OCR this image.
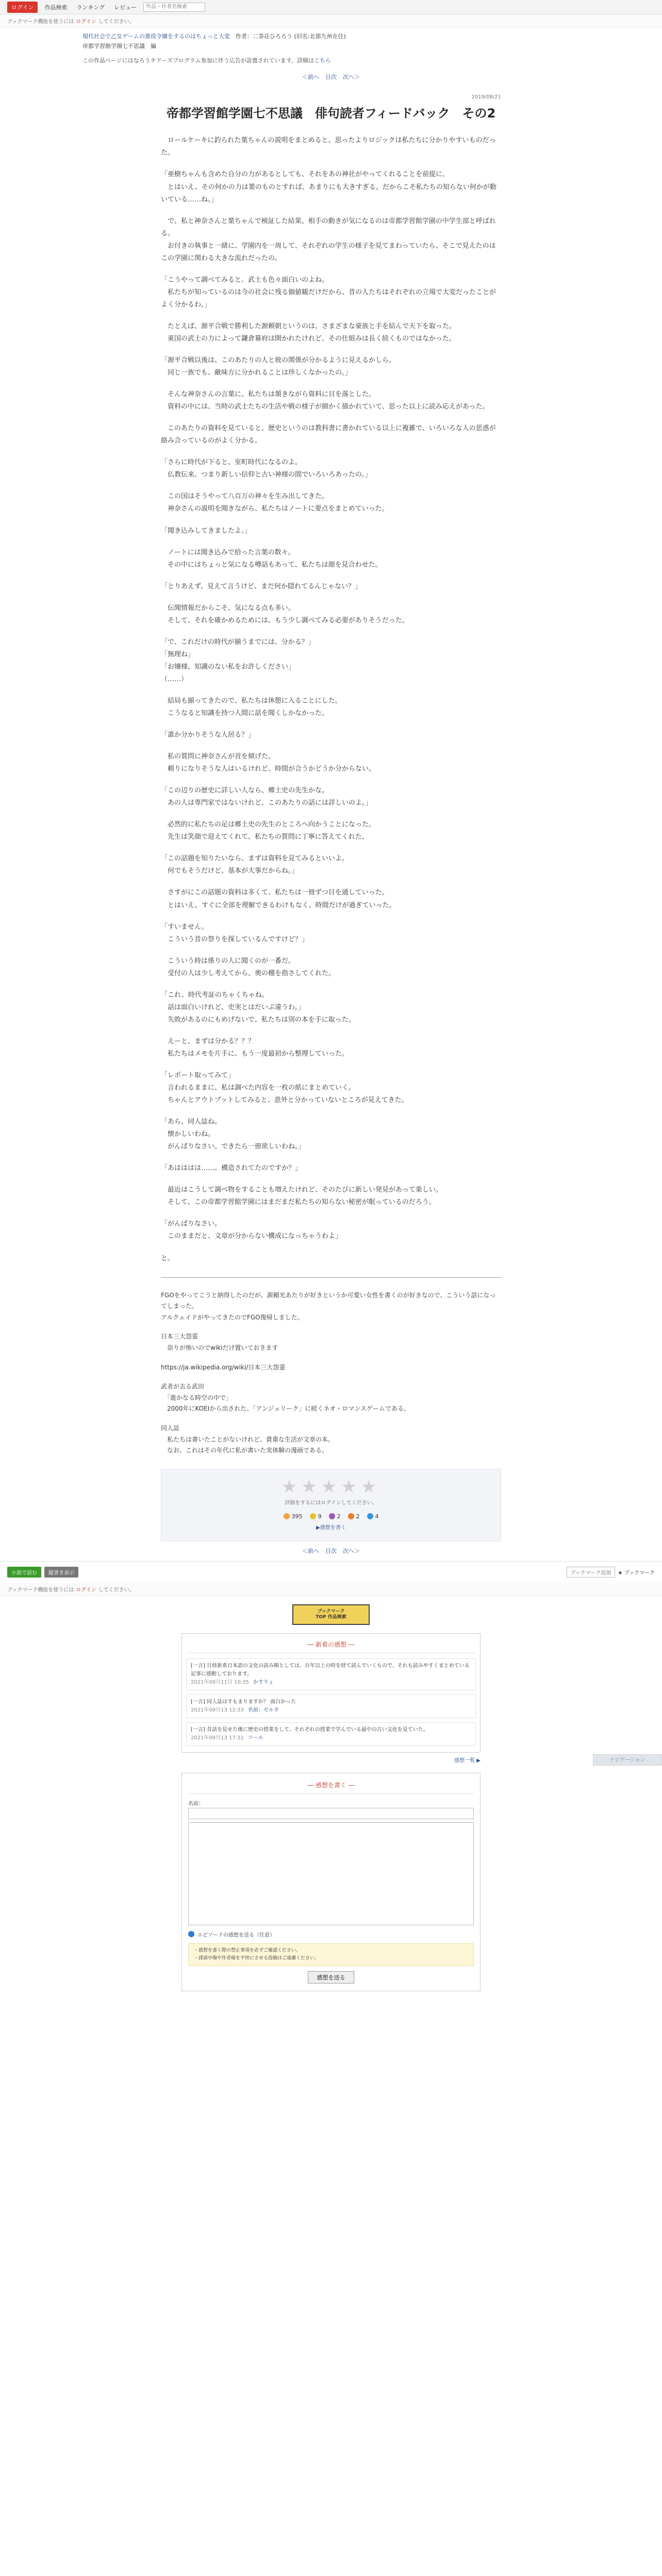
ログイン	作品検索	ランキング	レビュー
作品・作者名検索
ブックマーク機能を使うには ログイン してください。
現代社会で乙女ゲームの悪役令嬢をするのはちょっと大変　 作者：二茶荘ひろろう (旧名:北部九州在住)
帝都学習館学園七不思議　編
この作品ページにはなろうチアーズプログラム参加に伴う広告が設置されています。詳細はこちら
＜前へ 目次 次へ＞
2019/08/21
帝都学習館学園七不思議　俳句読者フィードバック　その2

　ロールケーキに釣られた葉ちゃんの説明をまとめると、思ったよりロジックは私たちに分かりやすいものだった。

「亜樹ちゃんも含めた自分の力があるとしても、それをあの神社がやってくれることを前提に、
　とはいえ、その何かの力は葉のものとすれば、あまりにも大きすぎる。だからこそ私たちの知らない何かが動いている……ね。」

　で、私と神奈さんと葉ちゃんで検証した結果、相手の動きが気になるのは帝都学習館学園の中学生部と呼ばれる。
　お付きの執事と一緒に、学園内を一周して、それぞれの学生の様子を見てまわっていたら、そこで見えたのはこの学園に関わる大きな流れだったの。

「こうやって調べてみると、武士も色々面白いのよね。
　私たちが知っているのは今の社会に残る価値観だけだから、昔の人たちはそれぞれの立場で大変だったことがよく分かるわ。」

　たとえば、源平合戦で勝利した源頼朝というのは、さまざまな豪族と手を結んで天下を取った。
　東国の武士の力によって鎌倉幕府は開かれたけれど、その仕組みは長く続くものではなかった。

「源平合戦以後は、このあたりの人と彼の関係が分かるように見えるかしら。
　同じ一族でも、敵味方に分かれることは珍しくなかったの。」

　そんな神奈さんの言葉に、私たちは頷きながら資料に目を落とした。
　資料の中には、当時の武士たちの生活や戦の様子が細かく描かれていて、思った以上に読み応えがあった。

　このあたりの資料を見ていると、歴史というのは教科書に書かれている以上に複雑で、いろいろな人の思惑が絡み合っているのがよく分かる。

「さらに時代が下ると、室町時代になるのよ。
　仏教伝来、つまり新しい信仰と古い神様の間でいろいろあったの。」

　この国はそうやって八百万の神々を生み出してきた。
　神奈さんの説明を聞きながら、私たちはノートに要点をまとめていった。

「聞き込みしてきましたよ。」

　ノートには聞き込みで拾った言葉の数々。
　その中にはちょっと気になる噂話もあって、私たちは顔を見合わせた。

「とりあえず、見えて言うけど、まだ何か隠れてるんじゃない？」

　伝聞情報だからこそ、気になる点も多い。
　そして、それを確かめるためには、もう少し調べてみる必要がありそうだった。

「で、これだけの時代が揃うまでには、分かる？」
「無理ね」
「お嬢様、知識のない私をお許しください」
（……）

　結局も揃ってきたので、私たちは休憩に入ることにした。
　こうなると知識を持つ人間に話を聞くしかなかった。

「誰か分かりそうな人居る？」

　私の質問に神奈さんが首を傾げた。
　頼りになりそうな人はいるけれど、時間が合うかどうか分からない。

「この辺りの歴史に詳しい人なら、郷土史の先生かな。
　あの人は専門家ではないけれど、このあたりの話には詳しいのよ。」

　必然的に私たちの足は郷土史の先生のところへ向かうことになった。
　先生は笑顔で迎えてくれて、私たちの質問に丁寧に答えてくれた。

「この話題を知りたいなら、まずは資料を見てみるといいよ。
　何でもそうだけど、基本が大事だからね。」

　さすがにこの話題の資料は多くて、私たちは一冊ずつ目を通していった。
　とはいえ、すぐに全部を理解できるわけもなく、時間だけが過ぎていった。

「すいません。
　こういう昔の祭りを探しているんですけど？」

　こういう時は係りの人に聞くのが一番だ。
　受付の人は少し考えてから、奥の棚を指さしてくれた。

「これ、時代考証のちゃくちゃね。
　話は面白いけれど、史実とはだいぶ違うわ。」
　失敗があるのにもめげないで、私たちは別の本を手に取った。

　えーと、まずは分かる？？？
　私たちはメモを片手に、もう一度最初から整理していった。

「レポート取ってみて」
　言われるままに、私は調べた内容を一枚の紙にまとめていく。
　ちゃんとアウトプットしてみると、意外と分かっていないところが見えてきた。

「あら、同人誌ね。
　懐かしいわね。
　がんばりなさい。できたら一冊欲しいわね。」

「あはははは……。構造されてたのですか？」

　最近はこうして調べ物をすることも増えたけれど、そのたびに新しい発見があって楽しい。
　そして、この帝都学習館学園にはまだまだ私たちの知らない秘密が眠っているのだろう。

「がんばりなさい。
　このままだと、文章が分からない構成になっちゃうわよ」

と。

FGOをやってこうと納得したのだが、源頼光あたりが好きというか可愛い女性を書くのが好きなので、こういう話になってしまった。
アルクェイドがやってきたのでFGO復帰しました。

日本三大怨霊
　祟りが怖いのでwikiだけ置いておきます

https://ja.wikipedia.org/wiki/日本三大怨霊

武者が去る武田
　「進かなる時空の中で」
　2000年にKOEIから出された、「アンジェリーク」に続くネオ・ロマンスゲームである。

同人誌
　私たちは書いたことがないけれど、貴重な生活が文章の本。
　なお、これはその年代に私が書いた実体験の漫画である。

★★★★★
評価をするにはログインしてください。
395	9	2	2	4
▶感想を書く
＜前へ 目次 次へ＞
ナビゲーション
小説で読む	縦書き表示	ブックマーク追加	★ ブックマーク
ブックマーク機能を使うには ログイン してください。
ブックマーク
TOP 作品検索
― 新着の感想 ―
[一言] 日経新系日本語の文化の読み順としては、百年以上の時を経て読んでいくもので、それも読みやすくまとめている記事に感動しております。
2021年09月11日 10:35 かすりょ
[一言] 同人誌はすもまりますか？ 面白かった
2021年09月13 12:33 名前：ゼルカ
[一言] 昔話を見せた後に歴史の授業をして、それぞれの授業で学んでいる最中の古い文化を見ていた。
2021年09月13 17:31 ツール
感想一覧 ▶
― 感想を書く ―
名前：
エピソードの感想を送る（任意）
・感想を書く際の禁止事項を必ずご確認ください。
・誹謗中傷や作者様を不快にさせる投稿はご遠慮ください。
感想を送る
